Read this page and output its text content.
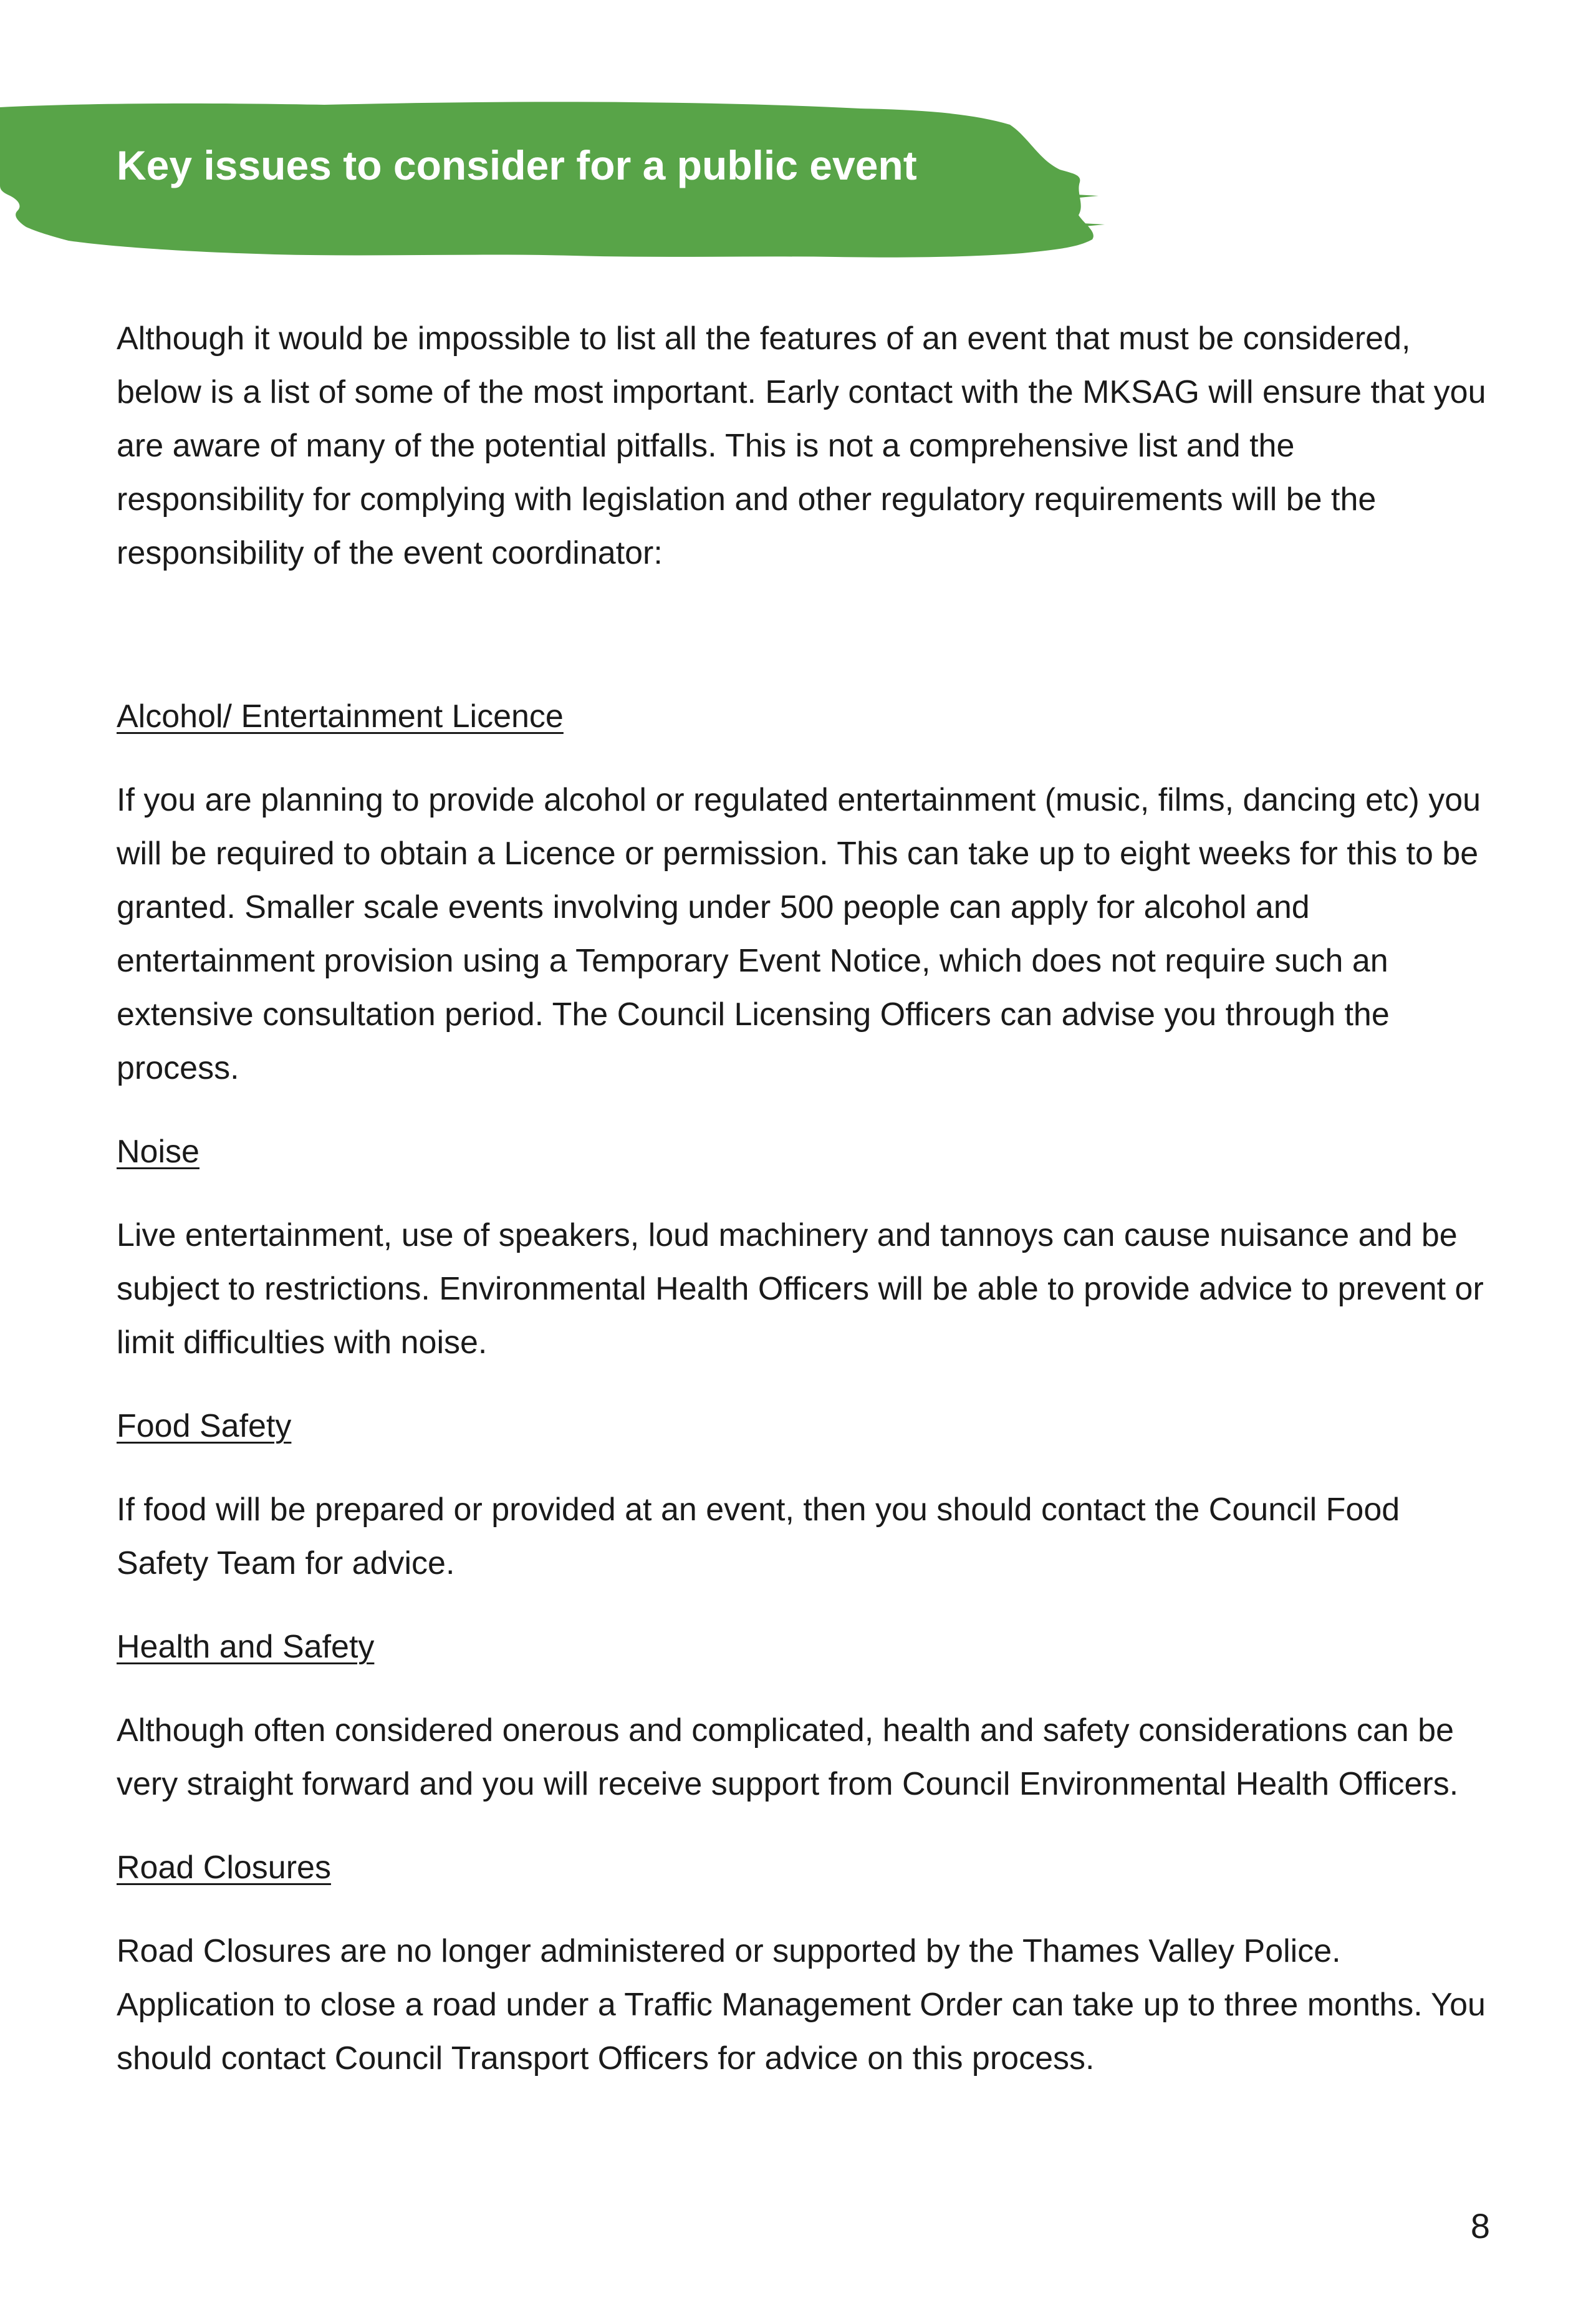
Key issues to consider for a public event

Although it would be impossible to list all the features of an event that must be considered, below is a list of some of the most important. Early contact with the MKSAG will ensure that you are aware of many of the potential pitfalls. This is not a comprehensive list and the responsibility for complying with legislation and other regulatory requirements will be the responsibility of the event coordinator:

Alcohol/ Entertainment Licence

If you are planning to provide alcohol or regulated entertainment (music, films, dancing etc) you will be required to obtain a Licence or permission. This can take up to eight weeks for this to be granted. Smaller scale events involving under 500 people can apply for alcohol and entertainment provision using a Temporary Event Notice, which does not require such an extensive consultation period. The Council Licensing Officers can advise you through the process.

Noise

Live entertainment, use of speakers, loud machinery and tannoys can cause nuisance and be subject to restrictions. Environmental Health Officers will be able to provide advice to prevent or limit difficulties with noise.

Food Safety

If food will be prepared or provided at an event, then you should contact the Council Food Safety Team for advice.

Health and Safety

Although often considered onerous and complicated, health and safety considerations can be very straight forward and you will receive support from Council Environmental Health Officers.

Road Closures

Road Closures are no longer administered or supported by the Thames Valley Police. Application to close a road under a Traffic Management Order can take up to three months. You should contact Council Transport Officers for advice on this process.

8
